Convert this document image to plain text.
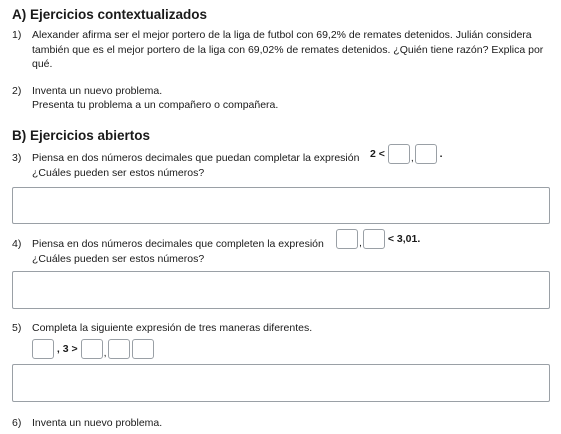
A) Ejercicios contextualizados
1) Alexander afirma ser el mejor portero de la liga de futbol con 69,2% de remates detenidos. Julián considera también que es el mejor portero de la liga con 69,02% de remates detenidos. ¿Quién tiene razón? Explica por qué.
2) Inventa un nuevo problema.
Presenta tu problema a un compañero o compañera.
B) Ejercicios abiertos
3) Piensa en dos números decimales que puedan completar la expresión 2 < , .
¿Cuáles pueden ser estos números?
4) Piensa en dos números decimales que completen la expresión	, < 3,01.
¿Cuáles pueden ser estos números?
5) Completa la siguiente expresión de tres maneras diferentes.
, 3 > ,
6) Inventa un nuevo problema.
